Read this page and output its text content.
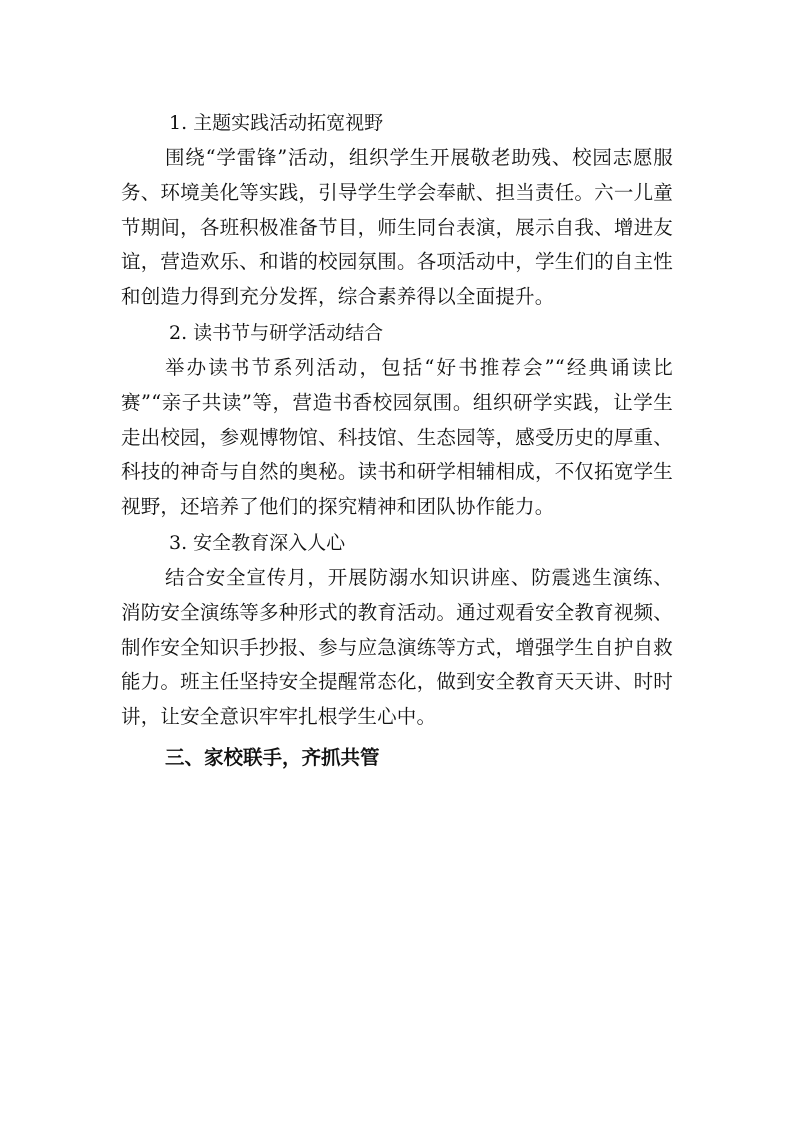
1. 主题实践活动拓宽视野

围绕“学雷锋”活动，组织学生开展敬老助残、校园志愿服务、环境美化等实践，引导学生学会奉献、担当责任。六一儿童节期间，各班积极准备节目，师生同台表演，展示自我、增进友谊，营造欢乐、和谐的校园氛围。各项活动中，学生们的自主性和创造力得到充分发挥，综合素养得以全面提升。

2. 读书节与研学活动结合

举办读书节系列活动，包括“好书推荐会”“经典诵读比赛”“亲子共读”等，营造书香校园氛围。组织研学实践，让学生走出校园，参观博物馆、科技馆、生态园等，感受历史的厚重、科技的神奇与自然的奥秘。读书和研学相辅相成，不仅拓宽学生视野，还培养了他们的探究精神和团队协作能力。

3. 安全教育深入人心

结合安全宣传月，开展防溺水知识讲座、防震逃生演练、消防安全演练等多种形式的教育活动。通过观看安全教育视频、制作安全知识手抄报、参与应急演练等方式，增强学生自护自救能力。班主任坚持安全提醒常态化，做到安全教育天天讲、时时讲，让安全意识牢牢扎根学生心中。

三、家校联手，齐抓共管
